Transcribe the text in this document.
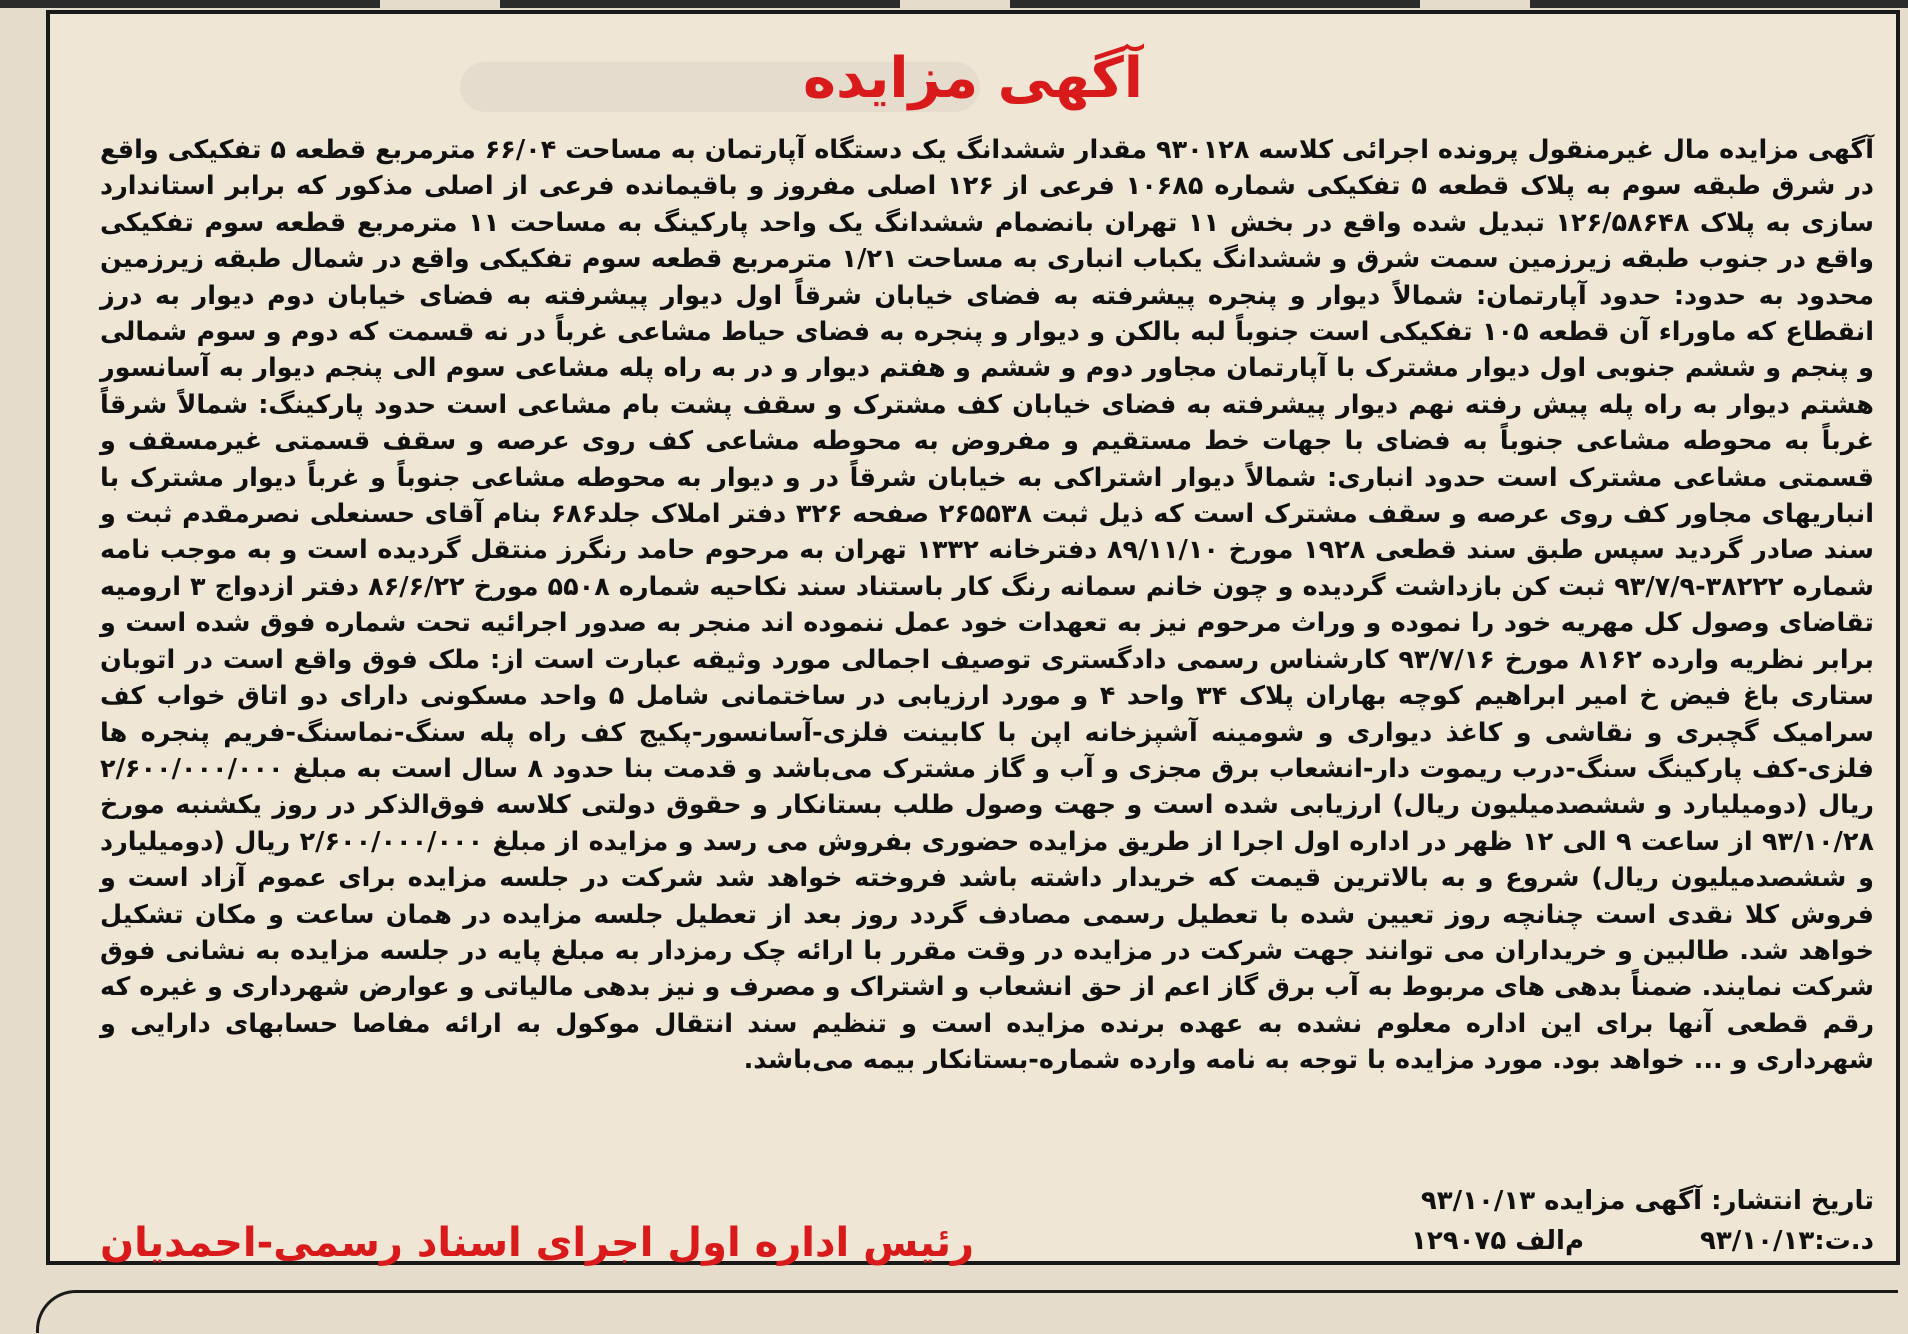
آگهی مزایده
آگهی مزایده مال غیرمنقول پرونده اجرائی کلاسه ۹۳۰۱۲۸ مقدار ششدانگ یک دستگاه آپارتمان به مساحت ۶۶/۰۴ مترمربع قطعه ۵ تفکیکی واقع در شرق طبقه سوم به پلاک قطعه ۵ تفکیکی شماره ۱۰۶۸۵ فرعی از ۱۲۶ اصلی مفروز و باقیمانده فرعی از اصلی مذکور که برابر استاندارد سازی به پلاک ۱۲۶/۵۸۶۴۸ تبدیل شده واقع در بخش ۱۱ تهران بانضمام ششدانگ یک واحد پارکینگ به مساحت ۱۱ مترمربع قطعه سوم تفکیکی واقع در جنوب طبقه زیرزمین سمت شرق و ششدانگ یکباب انباری به مساحت ۱/۲۱ مترمربع قطعه سوم تفکیکی واقع در شمال طبقه زیرزمین محدود به حدود: حدود آپارتمان: شمالاً دیوار و پنجره پیشرفته به فضای خیابان شرقاً اول دیوار پیشرفته به فضای خیابان دوم دیوار به درز انقطاع که ماوراء آن قطعه ۱۰۵ تفکیکی است جنوباً لبه بالکن و دیوار و پنجره به فضای حیاط مشاعی غرباً در نه قسمت که دوم و سوم شمالی و پنجم و ششم جنوبی اول دیوار مشترک با آپارتمان مجاور دوم و ششم و هفتم دیوار و در به راه پله مشاعی سوم الی پنجم دیوار به آسانسور هشتم دیوار به راه پله پیش رفته نهم دیوار پیشرفته به فضای خیابان کف مشترک و سقف پشت بام مشاعی است حدود پارکینگ: شمالاً شرقاً غرباً به محوطه مشاعی جنوباً به فضای با جهات خط مستقیم و مفروض به محوطه مشاعی کف روی عرصه و سقف قسمتی غیرمسقف و قسمتی مشاعی مشترک است حدود انباری: شمالاً دیوار اشتراکی به خیابان شرقاً در و دیوار به محوطه مشاعی جنوباً و غرباً دیوار مشترک با انباریهای مجاور کف روی عرصه و سقف مشترک است که ذیل ثبت ۲۶۵۵۳۸ صفحه ۳۲۶ دفتر املاک جلد۶۸۶ بنام آقای حسنعلی نصرمقدم ثبت و سند صادر گردید سپس طبق سند قطعی ۱۹۲۸ مورخ ۸۹/۱۱/۱۰ دفترخانه ۱۳۳۲ تهران به مرحوم حامد رنگرز منتقل گردیده است و به موجب نامه شماره ۳۸۲۲۲-۹۳/۷/۹ ثبت کن بازداشت گردیده و چون خانم سمانه رنگ کار باستناد سند نکاحیه شماره ۵۵۰۸ مورخ ۸۶/۶/۲۲ دفتر ازدواج ۳ ارومیه تقاضای وصول کل مهریه خود را نموده و وراث مرحوم نیز به تعهدات خود عمل ننموده اند منجر به صدور اجرائیه تحت شماره فوق شده است و برابر نظریه وارده ۸۱۶۲ مورخ ۹۳/۷/۱۶ کارشناس رسمی دادگستری توصیف اجمالی مورد وثیقه عبارت است از: ملک فوق واقع است در اتوبان ستاری باغ فیض خ امیر ابراهیم کوچه بهاران پلاک ۳۴ واحد ۴ و مورد ارزیابی در ساختمانی شامل ۵ واحد مسکونی دارای دو اتاق خواب کف سرامیک گچبری و نقاشی و کاغذ دیواری و شومینه آشپزخانه اپن با کابینت فلزی-آسانسور-پکیج کف راه پله سنگ-نماسنگ-فریم پنجره ها فلزی-کف پارکینگ سنگ-درب ریموت دار-انشعاب برق مجزی و آب و گاز مشترک می‌باشد و قدمت بنا حدود ۸ سال است به مبلغ ۲/۶۰۰/۰۰۰/۰۰۰ ریال (دومیلیارد و ششصدمیلیون ریال) ارزیابی شده است و جهت وصول طلب بستانکار و حقوق دولتی کلاسه فوق‌الذکر در روز یکشنبه مورخ ۹۳/۱۰/۲۸ از ساعت ۹ الی ۱۲ ظهر در اداره اول اجرا از طریق مزایده حضوری بفروش می رسد و مزایده از مبلغ ۲/۶۰۰/۰۰۰/۰۰۰ ریال (دومیلیارد و ششصدمیلیون ریال) شروع و به بالاترین قیمت که خریدار داشته باشد فروخته خواهد شد شرکت در جلسه مزایده برای عموم آزاد است و فروش کلا نقدی است چنانچه روز تعیین شده با تعطیل رسمی مصادف گردد روز بعد از تعطیل جلسه مزایده در همان ساعت و مکان تشکیل خواهد شد. طالبین و خریداران می توانند جهت شرکت در مزایده در وقت مقرر با ارائه چک رمزدار به مبلغ پایه در جلسه مزایده به نشانی فوق شرکت نمایند. ضمناً بدهی های مربوط به آب برق گاز اعم از حق انشعاب و اشتراک و مصرف و نیز بدهی مالیاتی و عوارض شهرداری و غیره که رقم قطعی آنها برای این اداره معلوم نشده به عهده برنده مزایده است و تنظیم سند انتقال موکول به ارائه مفاصا حسابهای دارایی و شهرداری و ... خواهد بود. مورد مزایده با توجه به نامه وارده شماره-بستانکار بیمه می‌باشد.
تاریخ انتشار: آگهی مزایده ۹۳/۱۰/۱۳
د.ت:۹۳/۱۰/۱۳
م‌الف ۱۲۹۰۷۵
رئیس اداره اول اجرای اسناد رسمی-احمدیان
